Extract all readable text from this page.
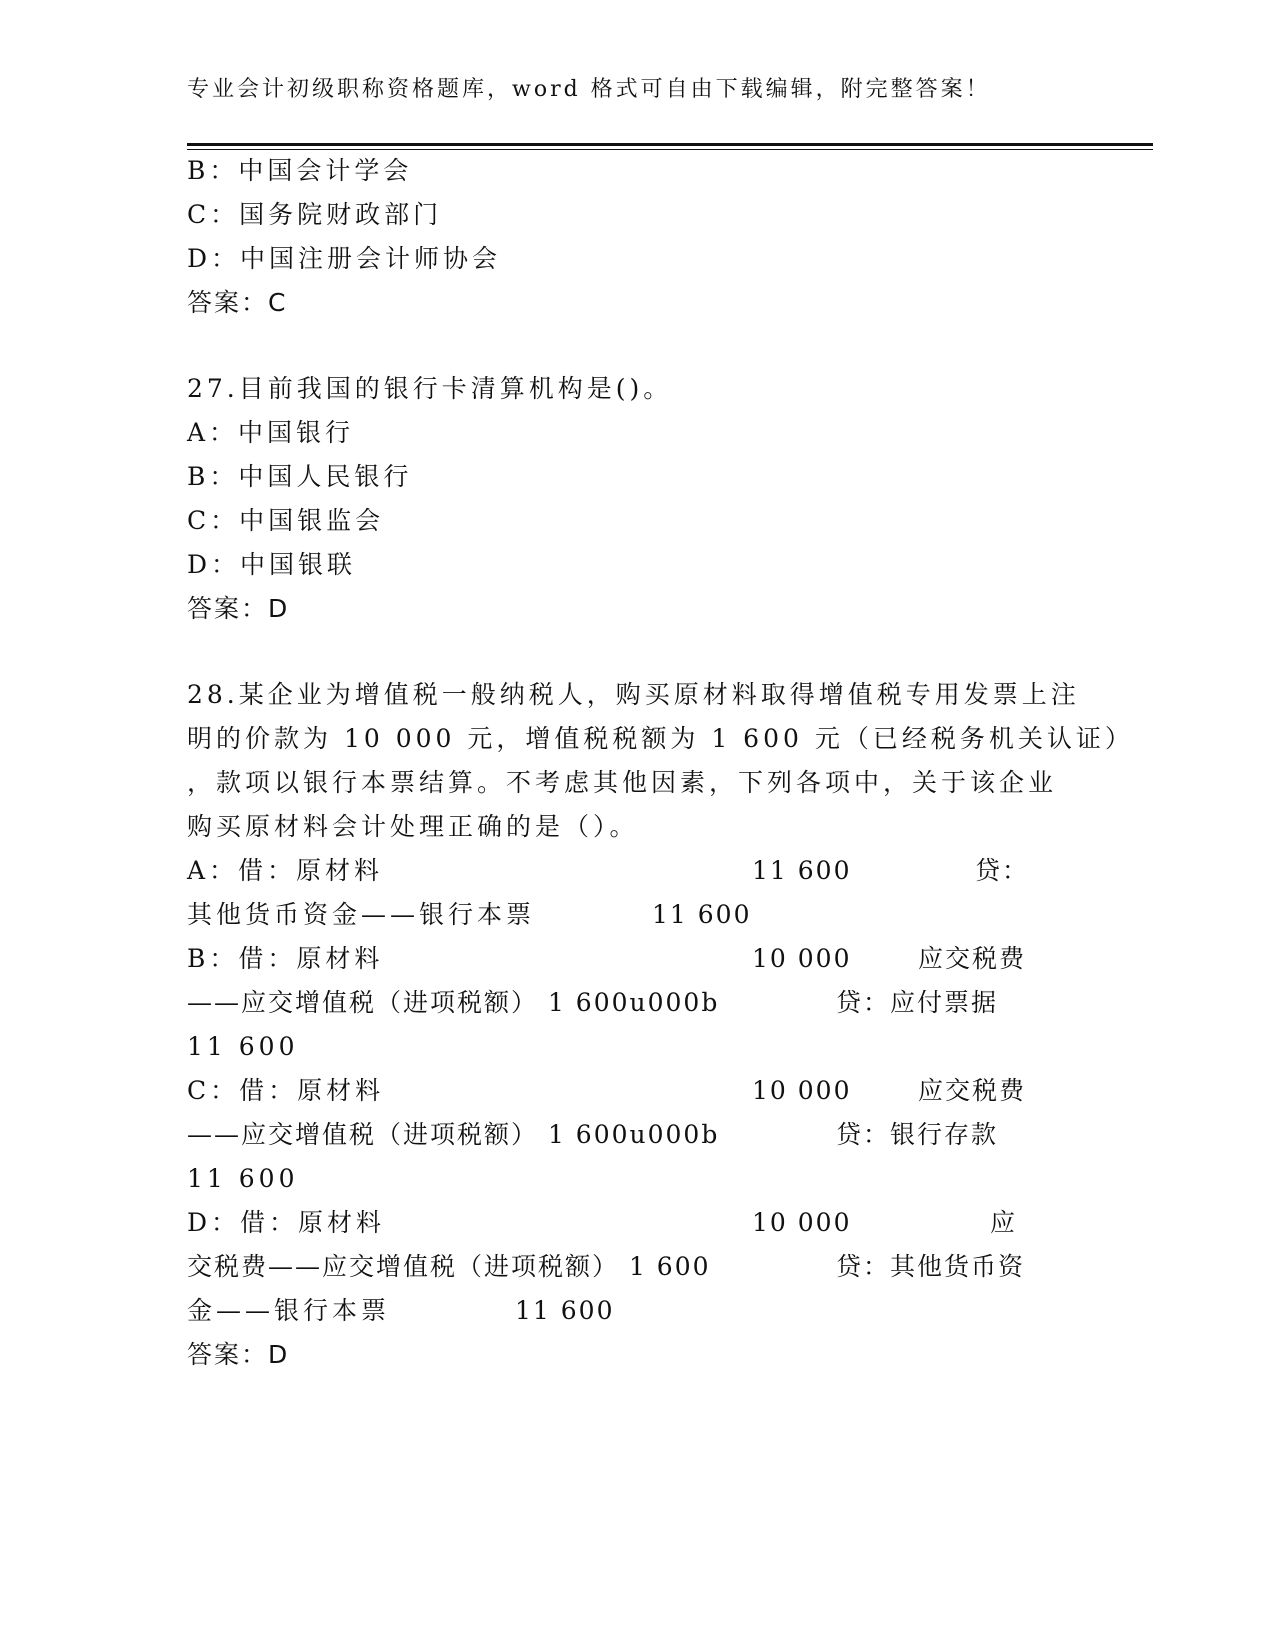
专业会计初级职称资格题库，word 格式可自由下载编辑，附完整答案！
B：中国会计学会
C：国务院财政部门
D：中国注册会计师协会
答案：C
27.目前我国的银行卡清算机构是()。
A：中国银行
B：中国人民银行
C：中国银监会
D：中国银联
答案：D
28.某企业为增值税一般纳税人，购买原材料取得增值税专用发票上注
明的价款为 10 000 元，增值税税额为 1 600 元（已经税务机关认证）
，款项以银行本票结算。不考虑其他因素，下列各项中，关于该企业
购买原材料会计处理正确的是（）。
A：借：原材料	11 600	贷：
其他货币资金——银行本票	11 600
B：借：原材料	10 000	应交税费
——应交增值税（进项税额） 1 600u000b	贷：应付票据
11 600
C：借：原材料	10 000	应交税费
——应交增值税（进项税额） 1 600u000b	贷：银行存款
11 600
D：借：原材料	10 000	应
交税费——应交增值税（进项税额） 1 600	贷：其他货币资
金——银行本票	11 600
答案：D
